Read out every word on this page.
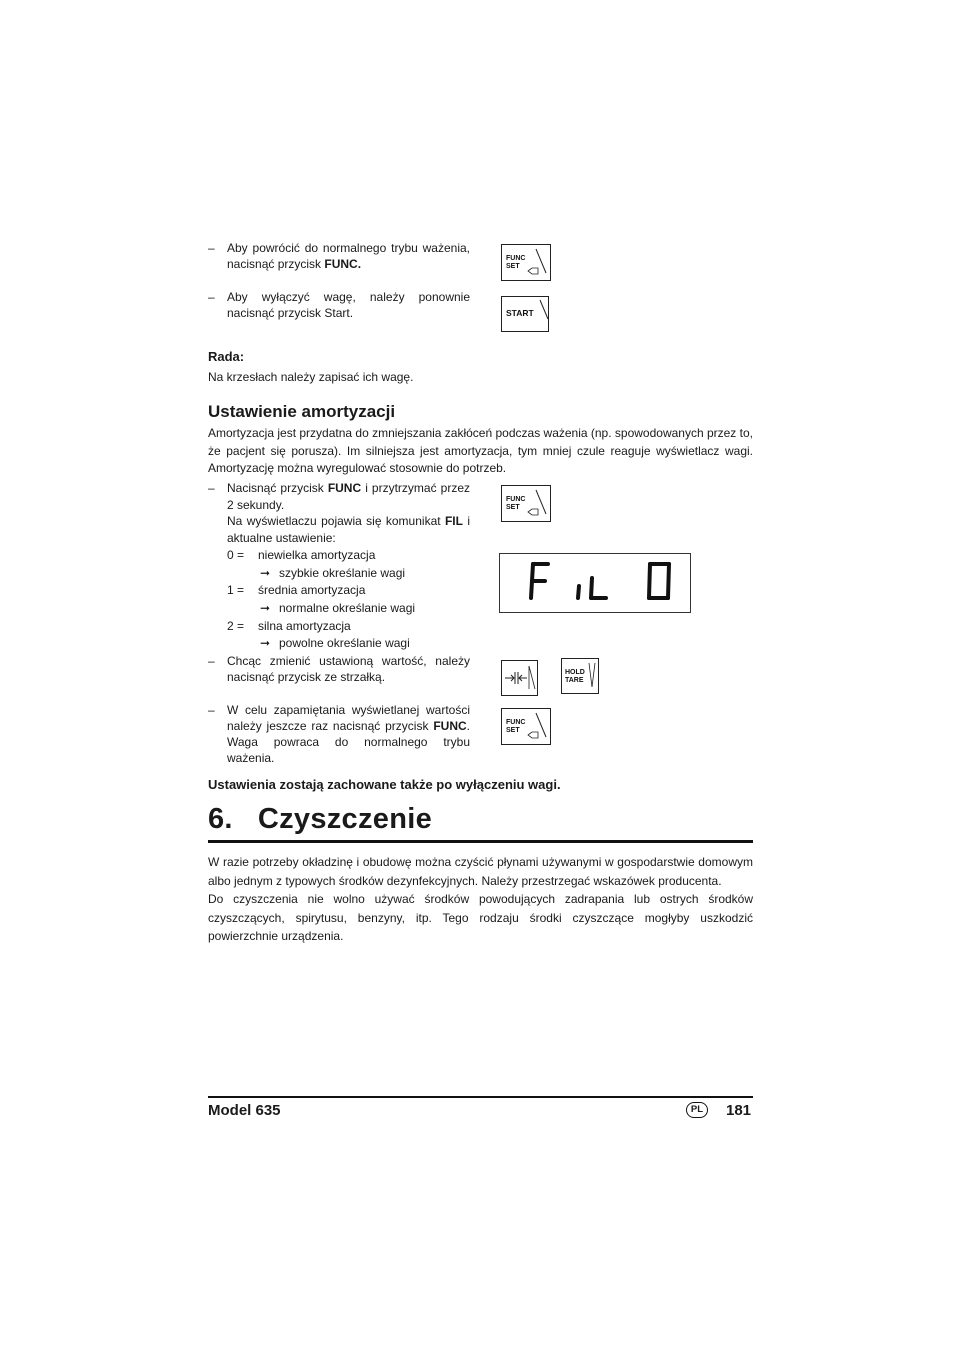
– Aby powrócić do normalnego trybu ważenia, nacisnąć przycisk FUNC.	FUNC
SET
– Aby wyłączyć wagę, należy ponownie nacisnąć przycisk Start.	START
Rada:
Na krzesłach należy zapisać ich wagę.
Ustawienie amortyzacji
Amortyzacja jest przydatna do zmniejszania zakłóceń podczas ważenia (np. spowodowanych przez to, że pacjent się porusza). Im silniejsza jest amortyzacja, tym mniej czule reaguje wyświetlacz wagi. Amortyzację można wyregulować stosownie do potrzeb.
– Nacisnąć przycisk FUNC i przytrzymać przez 2 sekundy.
Na wyświetlaczu pojawia się komunikat FIL i aktualne ustawienie:
FUNC
SET
0 = niewielka amortyzacja
➞ szybkie określanie wagi
1 = średnia amortyzacja
➞ normalne określanie wagi
2 = silna amortyzacja
➞ powolne określanie wagi
– Chcąc zmienić ustawioną wartość, należy nacisnąć przycisk ze strzałką.	HOLD
TARE
– W celu zapamiętania wyświetlanej wartości należy jeszcze raz nacisnąć przycisk FUNC. Waga powraca do normalnego trybu ważenia.
FUNC
SET
Ustawienia zostają zachowane także po wyłączeniu wagi.
6.   Czyszczenie
W razie potrzeby okładzinę i obudowę można czyścić płynami używanymi w gospodarstwie domowym albo jednym z typowych środków dezynfekcyjnych. Należy przestrzegać wskazówek producenta.
Do czyszczenia nie wolno używać środków powodujących zadrapania lub ostrych środków czyszczących, spirytusu, benzyny, itp. Tego rodzaju środki czyszczące mogłyby uszkodzić powierzchnie urządzenia.
Model 635	PL	181
